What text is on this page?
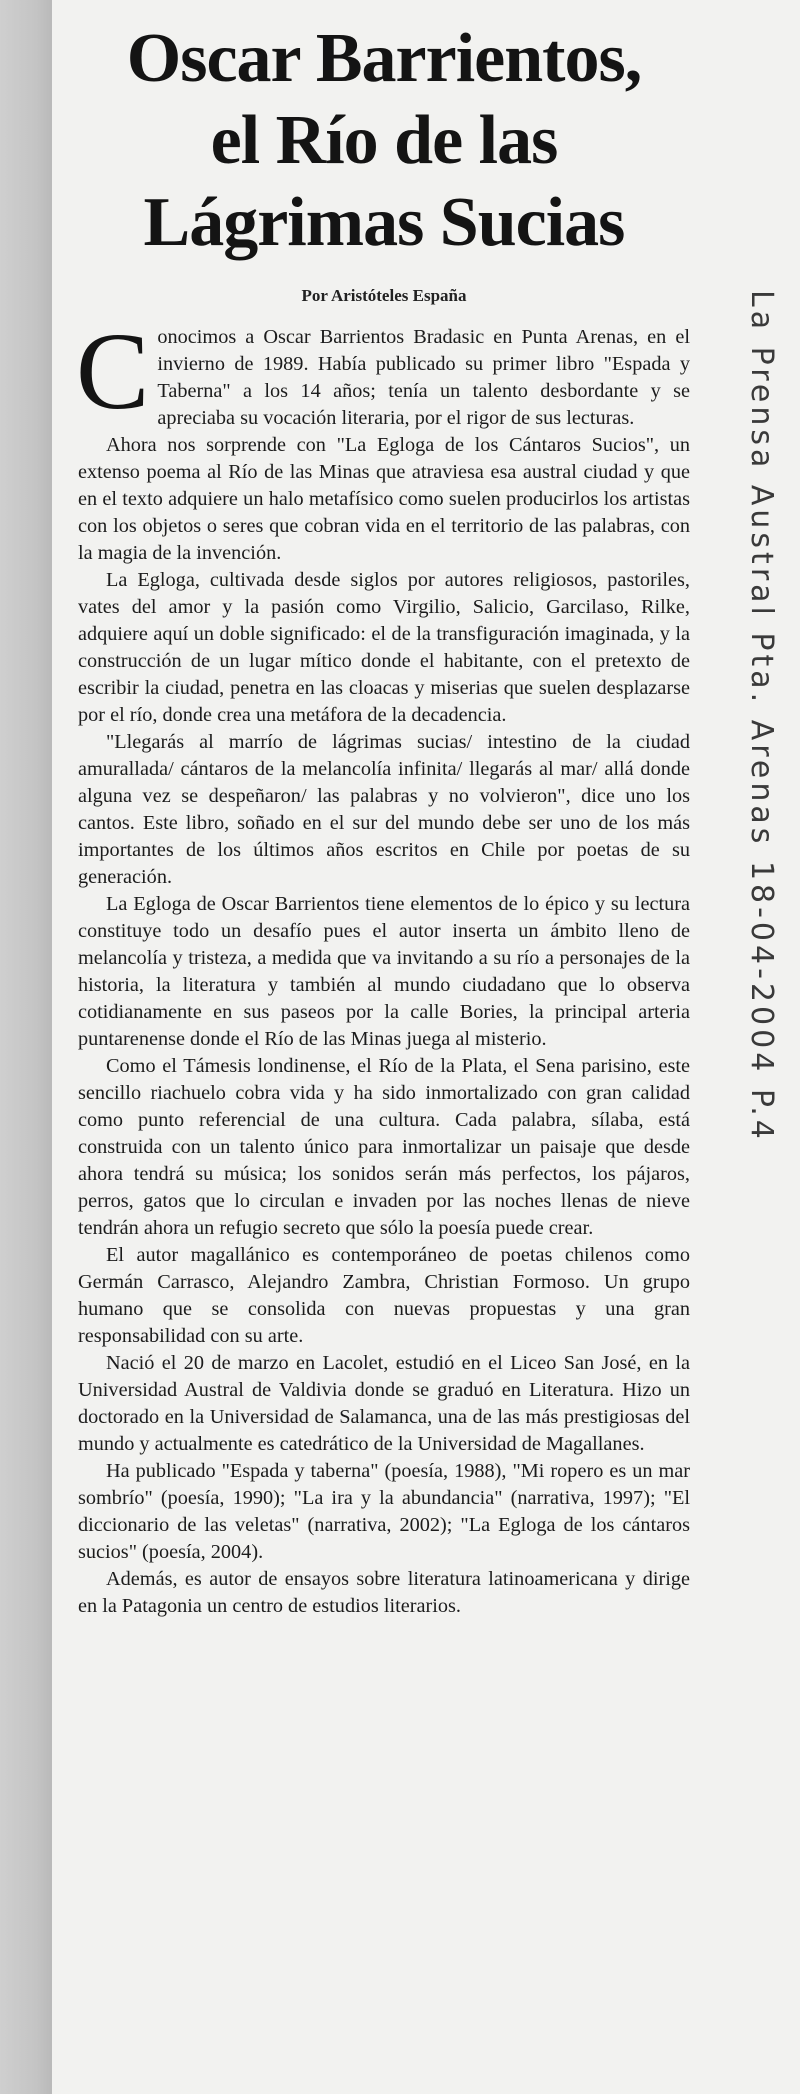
Oscar Barrientos,
el Río de las
Lágrimas Sucias
Por Aristóteles España

C onocimos a Oscar Barrientos Bradasic en Punta Arenas, en el invierno de 1989. Había publicado su primer libro "Espada y Taberna" a los 14 años; tenía un talento desbordante y se apreciaba su vocación literaria, por el rigor de sus lecturas.

Ahora nos sorprende con "La Egloga de los Cántaros Sucios", un extenso poema al Río de las Minas que atraviesa esa austral ciudad y que en el texto adquiere un halo metafísico como suelen producirlos los artistas con los objetos o seres que cobran vida en el territorio de las palabras, con la magia de la invención.

La Egloga, cultivada desde siglos por autores religiosos, pastoriles, vates del amor y la pasión como Virgilio, Salicio, Garcilaso, Rilke, adquiere aquí un doble significado: el de la transfiguración imaginada, y la construcción de un lugar mítico donde el habitante, con el pretexto de escribir la ciudad, penetra en las cloacas y miserias que suelen desplazarse por el río, donde crea una metáfora de la decadencia.

"Llegarás al marrío de lágrimas sucias/ intestino de la ciudad amurallada/ cántaros de la melancolía infinita/ llegarás al mar/ allá donde alguna vez se despeñaron/ las palabras y no volvieron", dice uno los cantos. Este libro, soñado en el sur del mundo debe ser uno de los más importantes de los últimos años escritos en Chile por poetas de su generación.

La Egloga de Oscar Barrientos tiene elementos de lo épico y su lectura constituye todo un desafío pues el autor inserta un ámbito lleno de melancolía y tristeza, a medida que va invitando a su río a personajes de la historia, la literatura y también al mundo ciudadano que lo observa cotidianamente en sus paseos por la calle Bories, la principal arteria puntarenense donde el Río de las Minas juega al misterio.

Como el Támesis londinense, el Río de la Plata, el Sena parisino, este sencillo riachuelo cobra vida y ha sido inmortalizado con gran calidad como punto referencial de una cultura. Cada palabra, sílaba, está construida con un talento único para inmortalizar un paisaje que desde ahora tendrá su música; los sonidos serán más perfectos, los pájaros, perros, gatos que lo circulan e invaden por las noches llenas de nieve tendrán ahora un refugio secreto que sólo la poesía puede crear.

El autor magallánico es contemporáneo de poetas chilenos como Germán Carrasco, Alejandro Zambra, Christian Formoso. Un grupo humano que se consolida con nuevas propuestas y una gran responsabilidad con su arte.

Nació el 20 de marzo en Lacolet, estudió en el Liceo San José, en la Universidad Austral de Valdivia donde se graduó en Literatura. Hizo un doctorado en la Universidad de Salamanca, una de las más prestigiosas del mundo y actualmente es catedrático de la Universidad de Magallanes.

Ha publicado "Espada y taberna" (poesía, 1988), "Mi ropero es un mar sombrío" (poesía, 1990); "La ira y la abundancia" (narrativa, 1997); "El diccionario de las veletas" (narrativa, 2002); "La Egloga de los cántaros sucios" (poesía, 2004).

Además, es autor de ensayos sobre literatura latinoamericana y dirige en la Patagonia un centro de estudios literarios.

La Prensa Austral Pta. Arenas 18-04-2004 P.4
